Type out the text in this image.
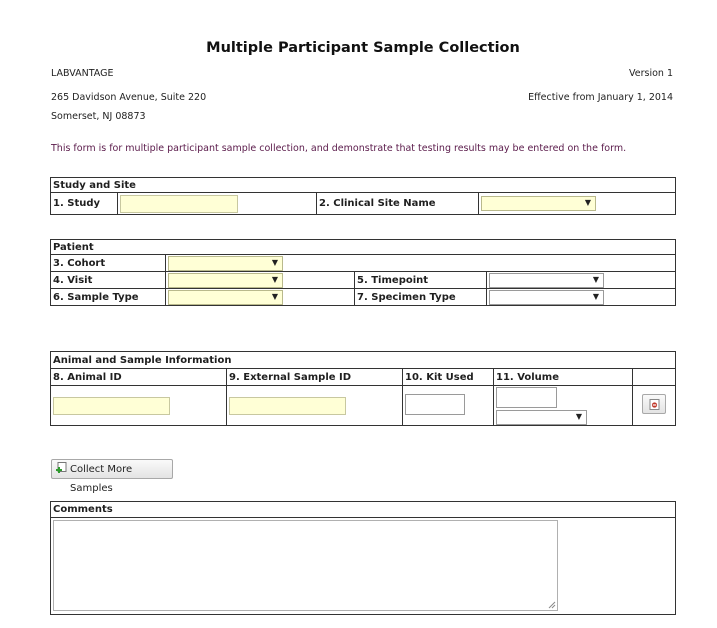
Multiple Participant Sample Collection
LABVANTAGE	Version 1
265 Davidson Avenue, Suite 220	Effective from January 1, 2014
Somerset, NJ 08873
This form is for multiple participant sample collection, and demonstrate that testing results may be entered on the form.
Study and Site
1. Study		2. Clinical Site Name	▼
Patient			
3. Cohort	▼		

4. Visit	▼	5. Timepoint	▼

6. Sample Type	▼	7. Specimen Type	▼
Animal and Sample Information				
8. Animal ID	9. External Sample ID	10. Kit Used	11. Volume	

			▼

Collect More Samples
Comments
